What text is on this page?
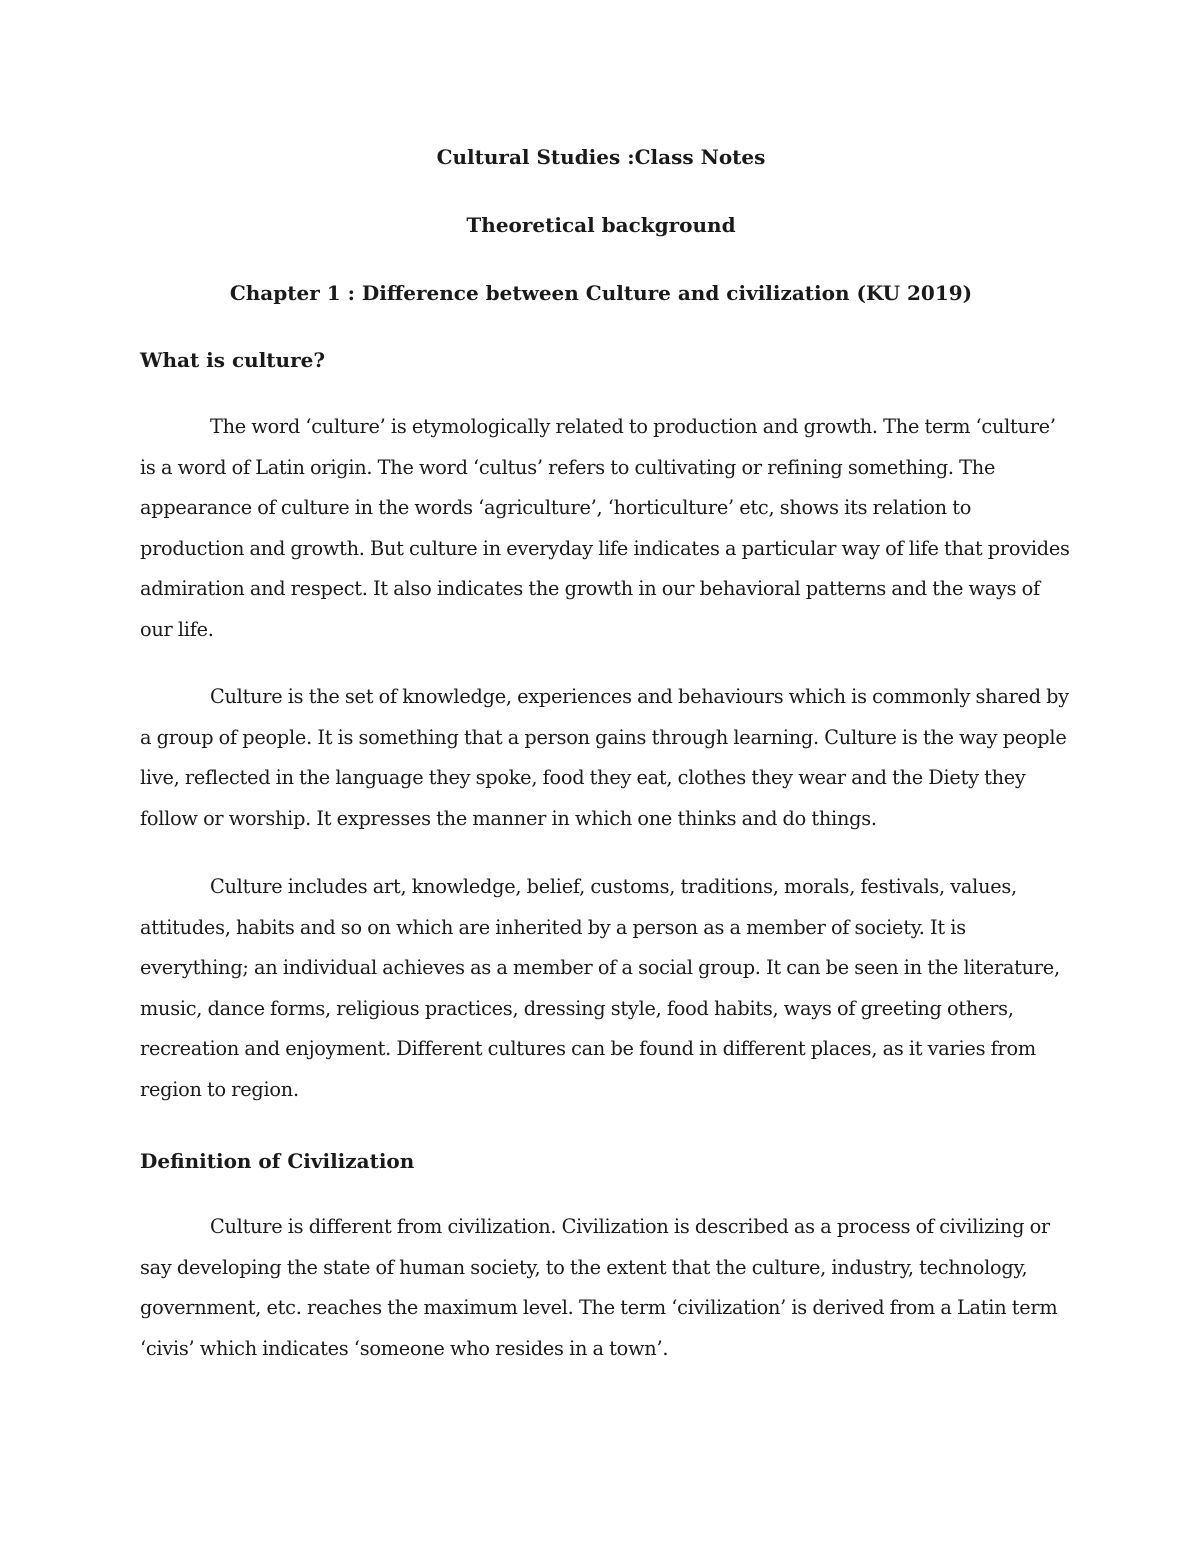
Cultural Studies :Class Notes

Theoretical background

Chapter 1 : Difference between Culture and civilization (KU 2019)

What is culture?

The word ‘culture’ is etymologically related to production and growth. The term ‘culture’ is a word of Latin origin. The word ‘cultus’ refers to cultivating or refining something. The appearance of culture in the words ‘agriculture’, ‘horticulture’ etc, shows its relation to production and growth. But culture in everyday life indicates a particular way of life that provides admiration and respect. It also indicates the growth in our behavioral patterns and the ways of our life.

Culture is the set of knowledge, experiences and behaviours which is commonly shared by a group of people. It is something that a person gains through learning. Culture is the way people live, reflected in the language they spoke, food they eat, clothes they wear and the Diety they follow or worship. It expresses the manner in which one thinks and do things.

Culture includes art, knowledge, belief, customs, traditions, morals, festivals, values, attitudes, habits and so on which are inherited by a person as a member of society. It is everything; an individual achieves as a member of a social group. It can be seen in the literature, music, dance forms, religious practices, dressing style, food habits, ways of greeting others, recreation and enjoyment. Different cultures can be found in different places, as it varies from region to region.

Definition of Civilization

Culture is different from civilization. Civilization is described as a process of civilizing or say developing the state of human society, to the extent that the culture, industry, technology, government, etc. reaches the maximum level. The term ‘civilization’ is derived from a Latin term ‘civis’ which indicates ‘someone who resides in a town’.
